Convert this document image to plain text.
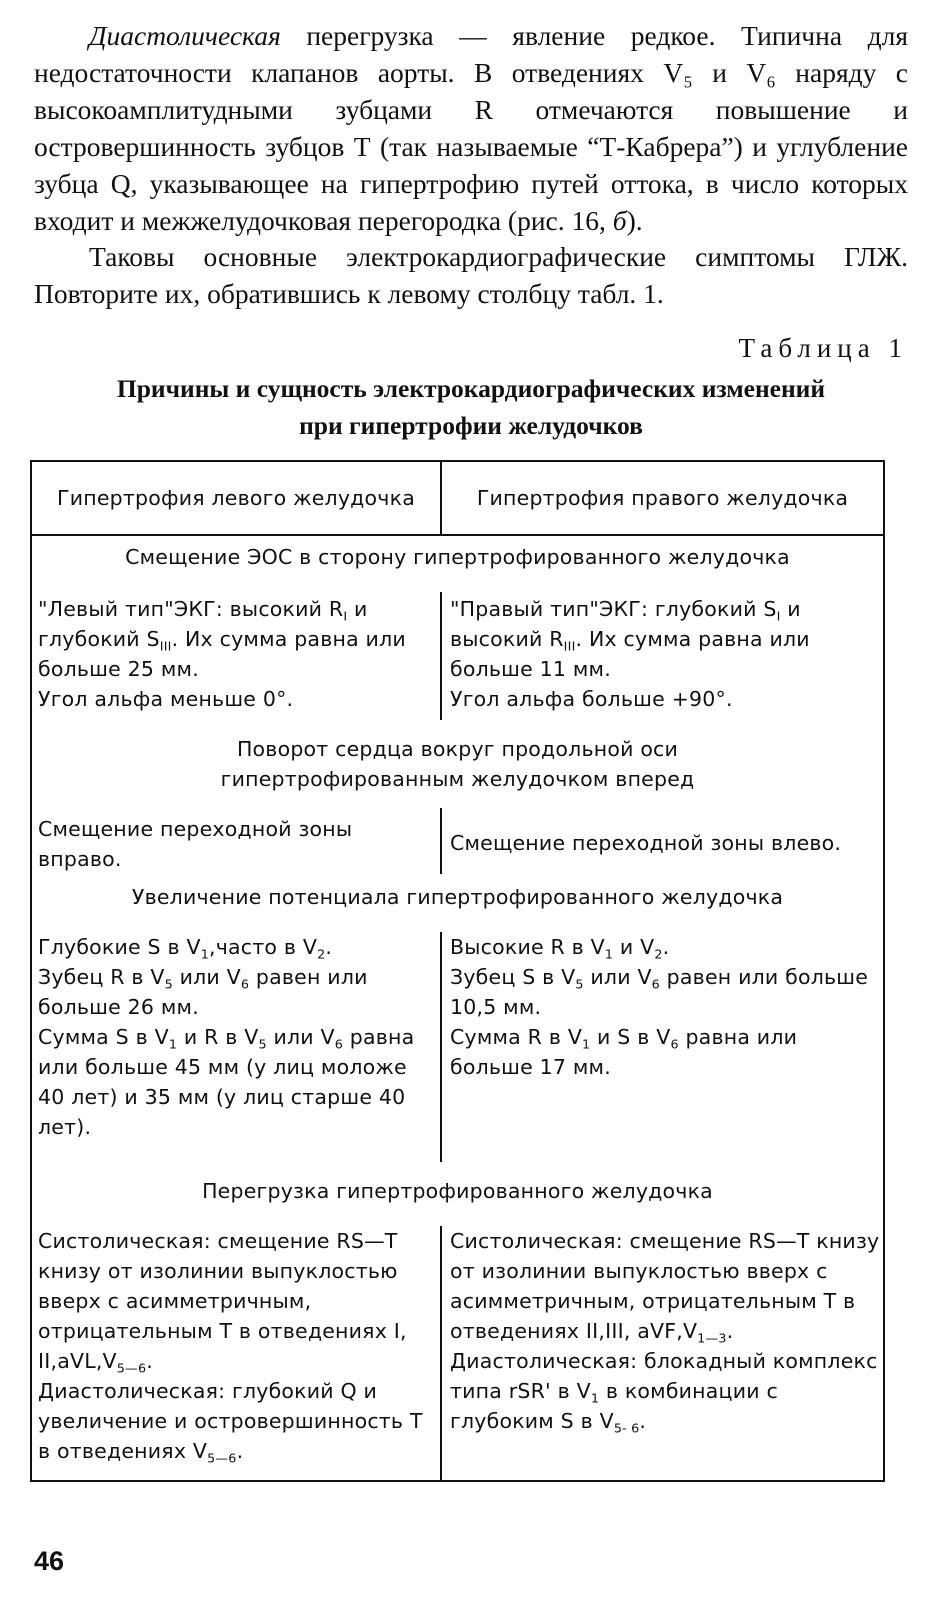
Диастолическая перегрузка — явление редкое. Типична для недостаточности клапанов аорты. В отведениях V₅ и V₆ наряду с высокоамплитудными зубцами R отмечаются повышение и островершинность зубцов Т (так называемые “Т-Кабрера”) и углубление зубца Q, указывающее на гипертрофию путей оттока, в число которых входит и межжелудочковая перегородка (рис. 16, б).

Таковы основные электрокардиографические симптомы ГЛЖ. Повторите их, обратившись к левому столбцу табл. 1.

Таблица 1

Причины и сущность электрокардиографических изменений
при гипертрофии желудочков
Гипертрофия левого желудочка	Гипертрофия правого желудочка

Смещение ЭОС в сторону гипертрофированного желудочка

"Левый тип"ЭКГ: высокий $R_I$ и глубокий $S_{III}$. Их сумма равна или больше 25 мм.

Угол альфа меньше 0°.

"Правый тип"ЭКГ: глубокий $S_I$ и высокий $R_{III}$. Их сумма равна или больше 11 мм.

Угол альфа больше +90°.

Поворот сердца вокруг продольной оси

гипертрофированным желудочком вперед

Смещение переходной зоны вправо.

Смещение переходной зоны влево.

Увеличение потенциала гипертрофированного желудочка

Глубокие S в $V_1,часто$ в $V_2$.

Зубец R в $V_5$ или $V_6$ равен или больше 26 мм.

Сумма S в $V_1$ и R в $V_5$ или $V_6$ равна или больше 45 мм (у лиц моложе 40 лет) и 35 мм (у лиц старше 40 лет).

Высокие R в $V_1$ и $V_2$.

Зубец S в $V_5$ или $V_6$ равен или больше 10,5 мм.

Сумма R в $V_1$ и S в $V_6$ равна или больше 17 мм.

Перегрузка гипертрофированного желудочка

Систолическая: смещение RS—T книзу от изолинии выпуклостью вверх с асимметричным, отрицательным T в отведениях I, $II,aVL,V_{5—6}$.

Диастолическая: глубокий Q и увеличение и островершинность T в отведениях $V_{5—6}$.

Систолическая: смещение RS—T книзу от изолинии выпуклостью вверх с асимметричным, отрицательным T в отведениях II,III, $aVF,V_{1—3}$.

Диастолическая: блокадный комплекс типа rSR' в $V_1$ в комбинации с глубоким S в $V_{5- 6}$.

46
